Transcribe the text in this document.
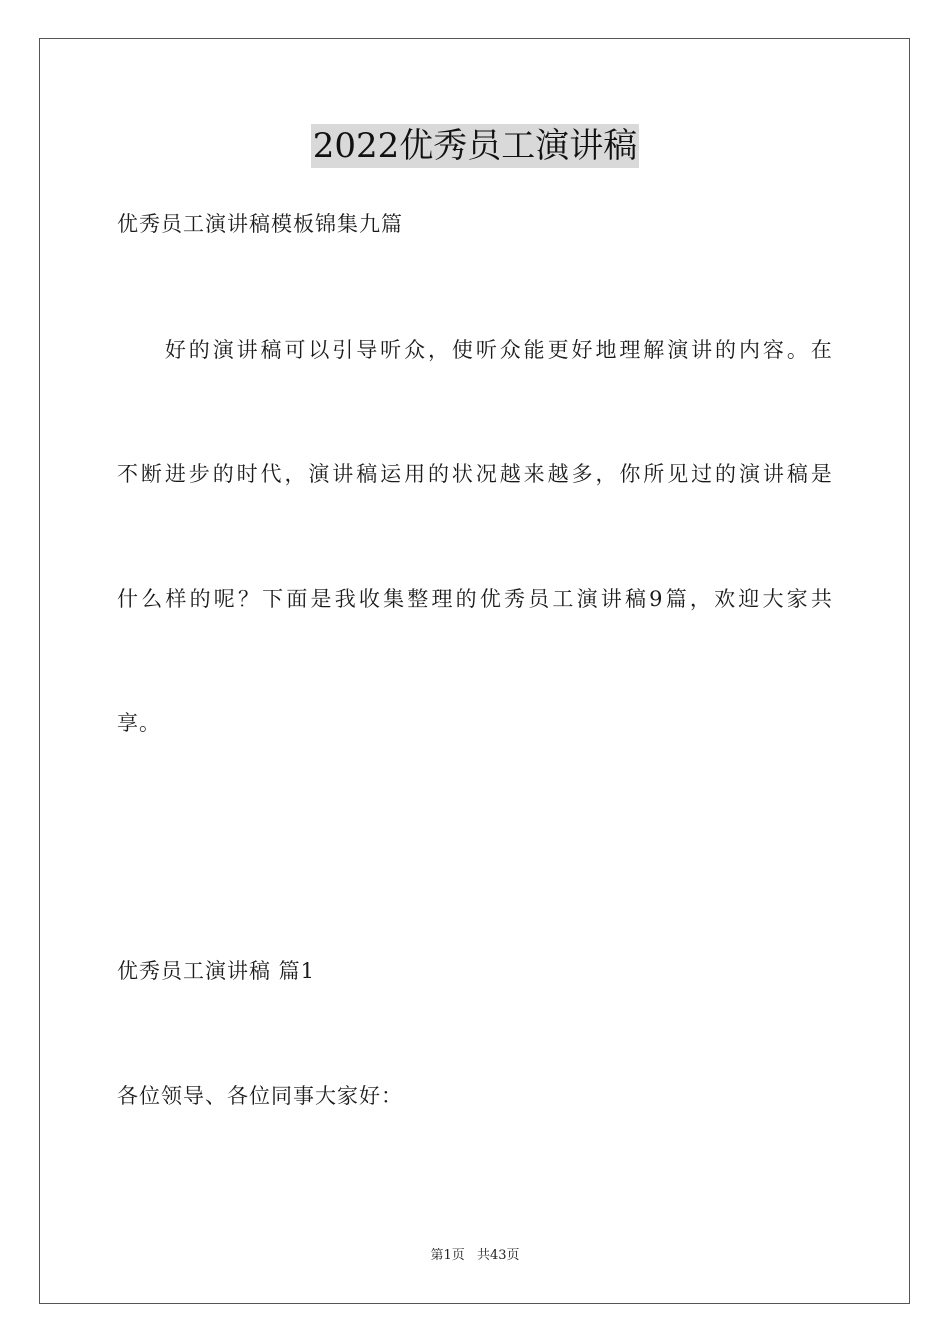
2022优秀员工演讲稿
优秀员工演讲稿模板锦集九篇

好 的 演 讲 稿 可 以 引 导 听 众 ， 使 听 众 能 更 好 地 理 解 演 讲 的 内 容 。 在
不 断 进 步 的 时 代 ， 演 讲 稿 运 用 的 状 况 越 来 越 多 ， 你 所 见 过 的 演 讲 稿 是
什 么 样 的 呢 ？ 下 面 是 我 收 集 整 理 的 优 秀 员 工 演 讲 稿 9 篇 ， 欢 迎 大 家 共
享。
优秀员工演讲稿 篇1
各位领导、各位同事大家好：
第1页 共43页
